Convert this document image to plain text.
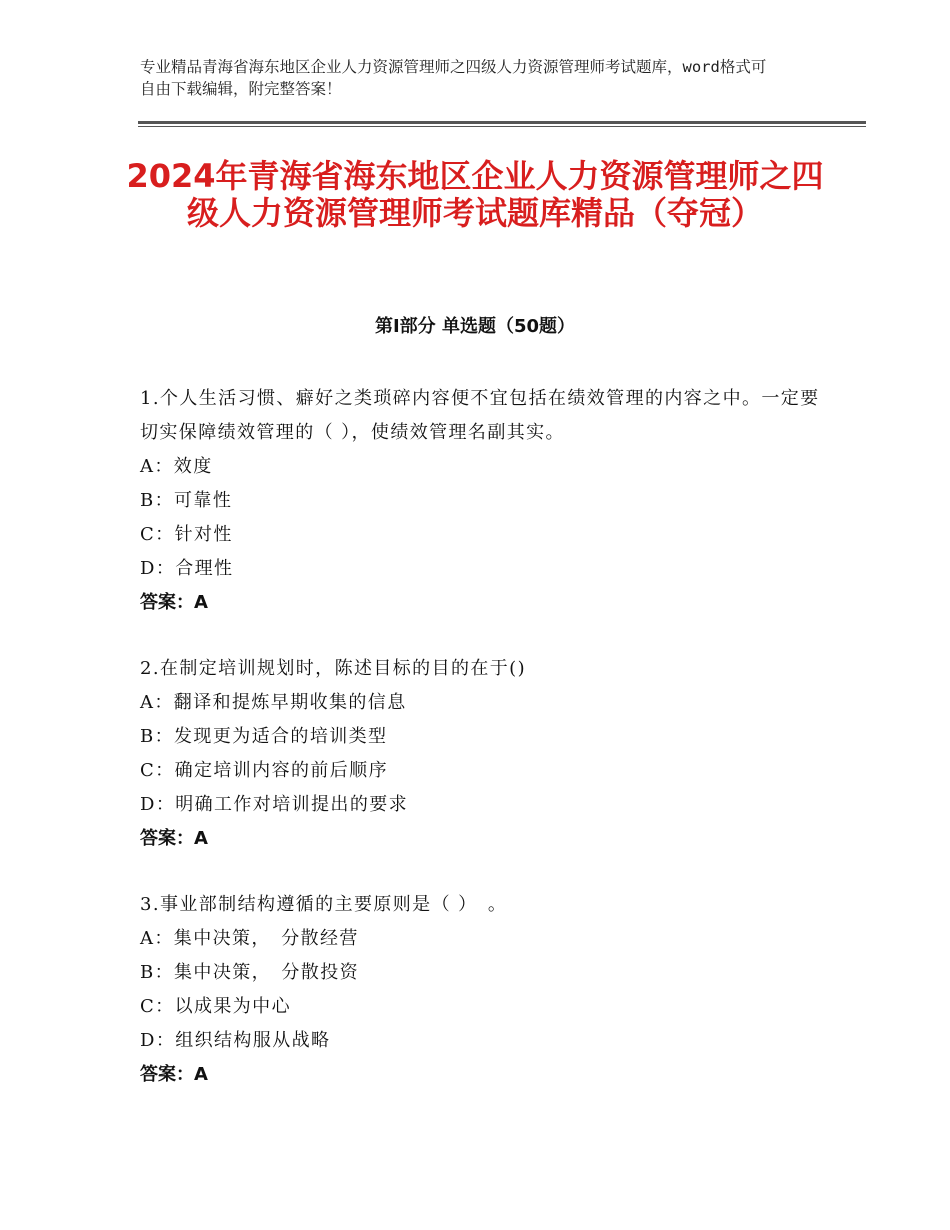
专业精品青海省海东地区企业人力资源管理师之四级人力资源管理师考试题库，word格式可自由下载编辑，附完整答案！
2024年青海省海东地区企业人力资源管理师之四级人力资源管理师考试题库精品（夺冠）
第Ⅰ部分 单选题（50题）
1.个人生活习惯、癖好之类琐碎内容便不宜包括在绩效管理的内容之中。一定要切实保障绩效管理的（ ），使绩效管理名副其实。
A：效度
B：可靠性
C：针对性
D：合理性
答案：A
2.在制定培训规划时，陈述目标的目的在于()
A：翻译和提炼早期收集的信息
B：发现更为适合的培训类型
C：确定培训内容的前后顺序
D：明确工作对培训提出的要求
答案：A
3.事业部制结构遵循的主要原则是（ ）　。
A：集中决策，　分散经营
B：集中决策，　分散投资
C：以成果为中心
D：组织结构服从战略
答案：A
